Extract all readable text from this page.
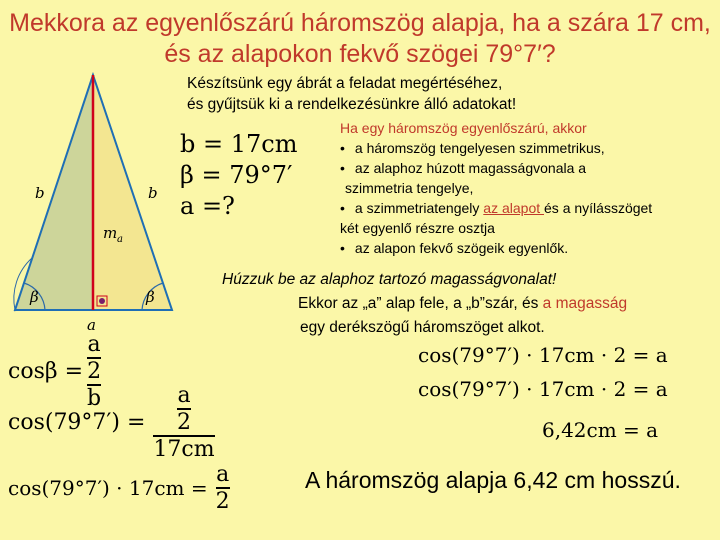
Mekkora az egyenlőszárú háromszög alapja, ha a szára 17 cm,
és az alapokon fekvő szögei 79°7′?
Készítsünk egy ábrát a feladat megértéséhez,
és gyűjtsük ki a rendelkezésünkre álló adatokat!
b	b
m a
β	β
a
b = 17cm
β = 79°7′
a =?
Ha egy háromszög egyenlőszárú, akkor
• a háromszög tengelyesen szimmetrikus,
• az alaphoz húzott magasságvonala a
szimmetria tengelye,
• a szimmetriatengely az alapot és a nyílásszöget
két egyenlő részre osztja
• az alapon fekvő szögeik egyenlők.
Húzzuk be az alaphoz tartozó magasságvonalat!
Ekkor az „a” alap fele, a „b”szár, és a magasság
egy derékszögű háromszöget alkot.
$\cos\beta = \frac{\frac{a}{2}}{b}$
$\cos(79^\circ 7') = \frac{\frac{a}{2}}{17cm}$
$\cos(79^\circ 7') \cdot 17cm = \frac{a}{2}$
cos(79°7′) · 17cm · 2 = a
cos(79°7′) · 17cm · 2 = a
6,42cm = a
A háromszög alapja 6,42 cm hosszú.
